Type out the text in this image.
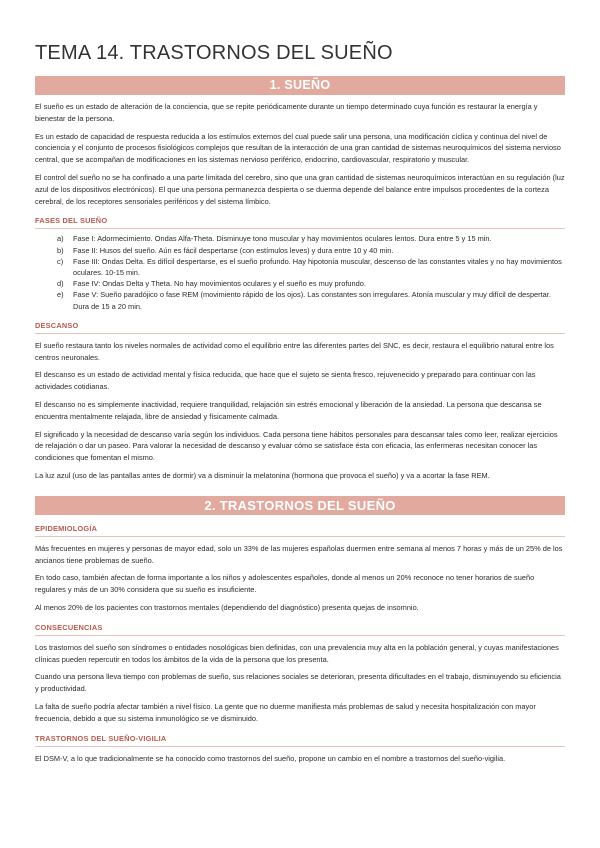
TEMA 14. TRASTORNOS DEL SUEÑO
1. SUEÑO

El sueño es un estado de alteración de la conciencia, que se repite periódicamente durante un tiempo determinado cuya función es restaurar la energía y bienestar de la persona.

Es un estado de capacidad de respuesta reducida a los estímulos externos del cual puede salir una persona, una modificación cíclica y continua del nivel de conciencia y el conjunto de procesos fisiológicos complejos que resultan de la interacción de una gran cantidad de sistemas neuroquímicos del sistema nervioso central, que se acompañan de modificaciones en los sistemas nervioso periférico, endocrino, cardiovascular, respiratorio y muscular.

El control del sueño no se ha confinado a una parte limitada del cerebro, sino que una gran cantidad de sistemas neuroquímicos interactúan en su regulación (luz azul de los dispositivos electrónicos). El que una persona permanezca despierta o se duerma depende del balance entre impulsos procedentes de la corteza cerebral, de los receptores sensoriales periféricos y del sistema límbico.

FASES DEL SUEÑO
a)	Fase I: Adormecimiento. Ondas Alfa-Theta. Disminuye tono muscular y hay movimientos oculares lentos. Dura entre 5 y 15 min.
b)	Fase II: Husos del sueño. Aún es fácil despertarse (con estímulos leves) y dura entre 10 y 40 min.
c)	Fase III: Ondas Delta. Es difícil despertarse, es el sueño profundo. Hay hipotonía muscular, descenso de las constantes vitales y no hay movimientos oculares. 10-15 min.
d)	Fase IV: Ondas Delta y Theta. No hay movimientos oculares y el sueño es muy profundo.
e)	Fase V: Sueño paradójico o fase REM (movimiento rápido de los ojos). Las constantes son irregulares. Atonía muscular y muy difícil de despertar. Dura de 15 a 20 min.
DESCANSO

El sueño restaura tanto los niveles normales de actividad como el equilibrio entre las diferentes partes del SNC, es decir, restaura el equilibrio natural entre los centros neuronales.

El descanso es un estado de actividad mental y física reducida, que hace que el sujeto se sienta fresco, rejuvenecido y preparado para continuar con las actividades cotidianas.

El descanso no es simplemente inactividad, requiere tranquilidad, relajación sin estrés emocional y liberación de la ansiedad. La persona que descansa se encuentra mentalmente relajada, libre de ansiedad y físicamente calmada.

El significado y la necesidad de descanso varía según los individuos. Cada persona tiene hábitos personales para descansar tales como leer, realizar ejercicios de relajación o dar un paseo. Para valorar la necesidad de descanso y evaluar cómo se satisface ésta con eficacia, las enfermeras necesitan conocer las condiciones que fomentan el mismo.

La luz azul (uso de las pantallas antes de dormir) va a disminuir la melatonina (hormona que provoca el sueño) y va a acortar la fase REM.

2. TRASTORNOS DEL SUEÑO
EPIDEMIOLOGÍA

Más frecuentes en mujeres y personas de mayor edad, solo un 33% de las mujeres españolas duermen entre semana al menos 7 horas y más de un 25% de los ancianos tiene problemas de sueño.

En todo caso, también afectan de forma importante a los niños y adolescentes españoles, donde al menos un 20% reconoce no tener horarios de sueño regulares y más de un 30% considera que su sueño es insuficiente.

Al menos 20% de los pacientes con trastornos mentales (dependiendo del diagnóstico) presenta quejas de insomnio.

CONSECUENCIAS

Los trastornos del sueño son síndromes o entidades nosológicas bien definidas, con una prevalencia muy alta en la población general, y cuyas manifestaciones clínicas pueden repercutir en todos los ámbitos de la vida de la persona que los presenta.

Cuando una persona lleva tiempo con problemas de sueño, sus relaciones sociales se deterioran, presenta dificultades en el trabajo, disminuyendo su eficiencia y productividad.

La falta de sueño podría afectar también a nivel físico. La gente que no duerme manifiesta más problemas de salud y necesita hospitalización con mayor frecuencia, debido a que su sistema inmunológico se ve disminuido.

TRASTORNOS DEL SUEÑO-VIGILIA

El DSM-V, a lo que tradicionalmente se ha conocido como trastornos del sueño, propone un cambio en el nombre a trastornos del sueño-vigilia.
